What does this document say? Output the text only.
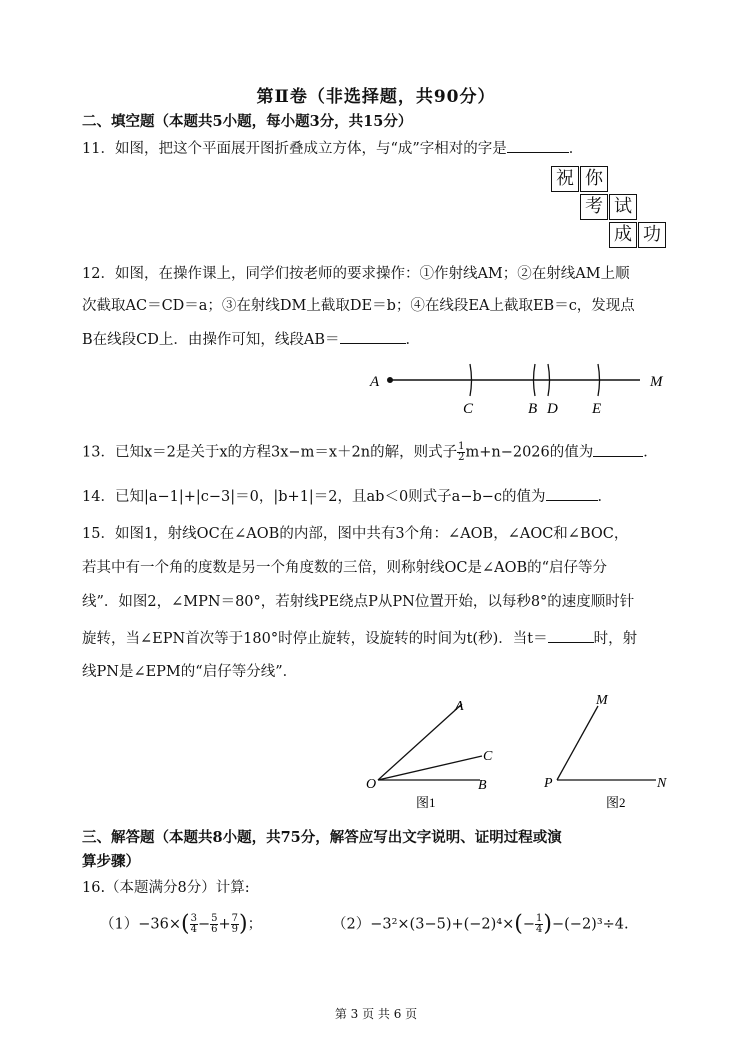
第Ⅱ卷（非选择题，共90分）
二、填空题（本题共5小题，每小题3分，共15分）
11．如图，把这个平面展开图折叠成立方体，与“成”字相对的字是	．
祝 你
考 试
成 功
12．如图，在操作课上，同学们按老师的要求操作：①作射线AM；②在射线AM上顺
次截取AC＝CD＝a；③在射线DM上截取DE＝b；④在线段EA上截取EB＝c，发现点
B在线段CD上．由操作可知，线段AB＝	．
A
C	B D E
M
13．已知x＝2是关于x的方程3x−m＝x＋2n的解，则式子 $\frac{1}{2} m+n-2026$的值为	．
14．已知|a−1|+|c−3|＝0，|b+1|＝2，且ab＜0则式子a−b−c的值为	．
15．如图1，射线OC在∠AOB的内部，图中共有3个角：∠AOB，∠AOC和∠BOC，
若其中有一个角的度数是另一个角度数的三倍，则称射线OC是∠AOB的“启仔等分
线”．如图2，∠MPN＝80°，若射线PE绕点P从PN位置开始，以每秒8°的速度顺时针
旋转，当∠EPN首次等于180°时停止旋转，设旋转的时间为t(秒)．当t＝	时，射
线PN是∠EPM的“启仔等分线”．
A
C
O	B
图1
M
P	N
图2
三、解答题（本题共8小题，共75分，解答应写出文字说明、证明过程或演
算步骤）
16.（本题满分8分）计算:
$(1)-36\times( \frac{3}{4} - \frac{5}{6} + \frac{7}{9}$ )；	$(2)-3^2\times(3-5)+(-2)^4\times(- \frac{1}{4} )-(-2)^3\div 4$.
第 3 页 共 6 页
